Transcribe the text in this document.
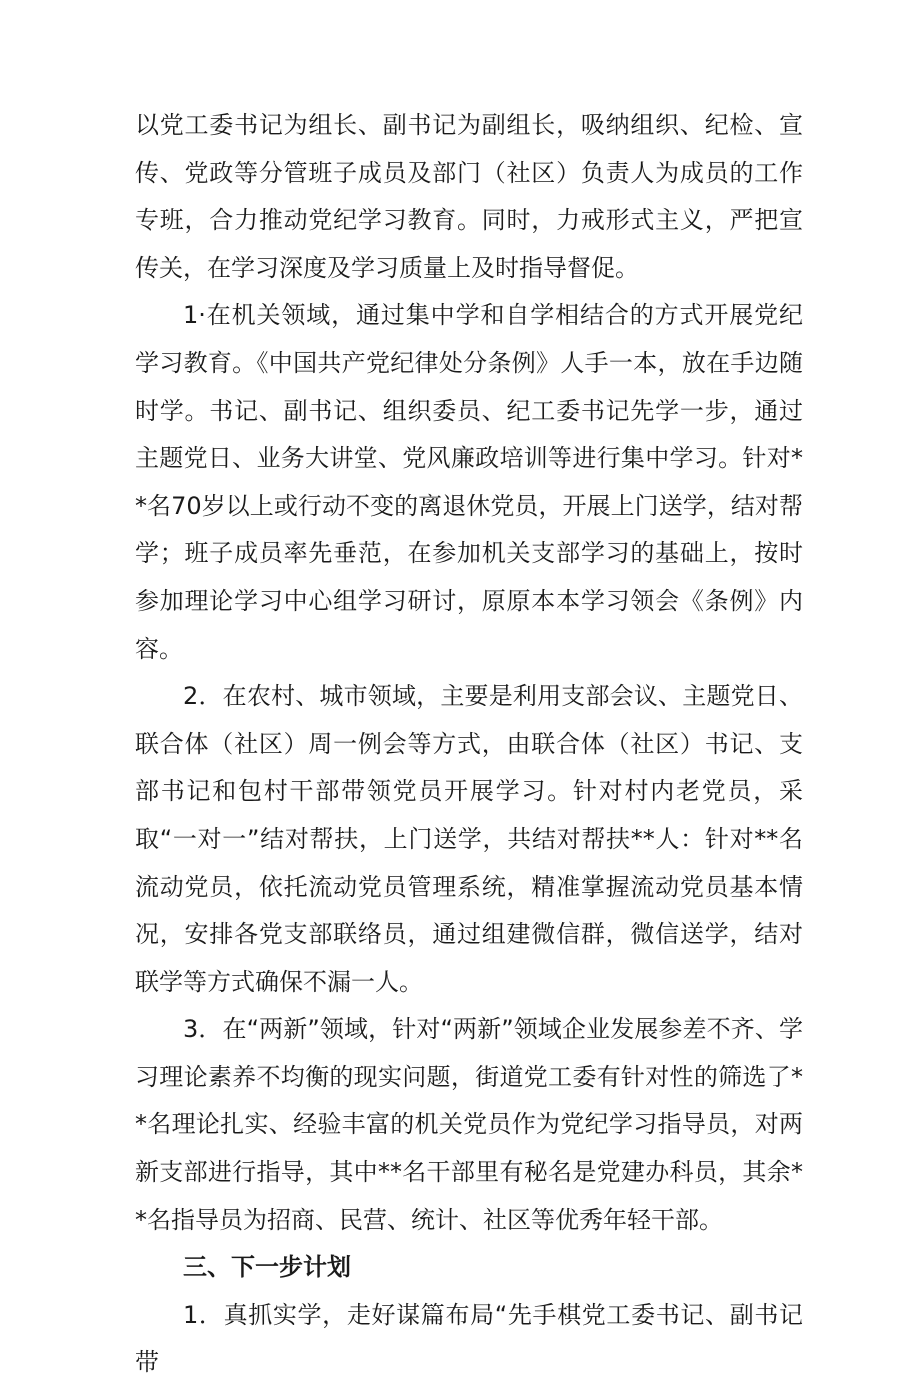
以党工委书记为组长、副书记为副组长，吸纳组织、纪检、宣传、党政等分管班子成员及部门（社区）负责人为成员的工作专班，合力推动党纪学习教育。同时，力戒形式主义，严把宣传关，在学习深度及学习质量上及时指导督促。

1·在机关领域，通过集中学和自学相结合的方式开展党纪学习教育。《中国共产党纪律处分条例》人手一本，放在手边随时学。书记、副书记、组织委员、纪工委书记先学一步，通过主题党日、业务大讲堂、党风廉政培训等进行集中学习。针对**名70岁以上或行动不变的离退休党员，开展上门送学，结对帮学；班子成员率先垂范，在参加机关支部学习的基础上，按时参加理论学习中心组学习研讨，原原本本学习领会《条例》内容。

2．在农村、城市领域，主要是利用支部会议、主题党日、联合体（社区）周一例会等方式，由联合体（社区）书记、支部书记和包村干部带领党员开展学习。针对村内老党员，采取“一对一”结对帮扶，上门送学，共结对帮扶**人：针对**名流动党员，依托流动党员管理系统，精准掌握流动党员基本情况，安排各党支部联络员，通过组建微信群，微信送学，结对联学等方式确保不漏一人。

3．在“两新”领域，针对“两新”领域企业发展参差不齐、学习理论素养不均衡的现实问题，街道党工委有针对性的筛选了**名理论扎实、经验丰富的机关党员作为党纪学习指导员，对两新支部进行指导，其中**名干部里有秘名是党建办科员，其余**名指导员为招商、民营、统计、社区等优秀年轻干部。

三、下一步计划

1．真抓实学，走好谋篇布局“先手棋党工委书记、副书记带
